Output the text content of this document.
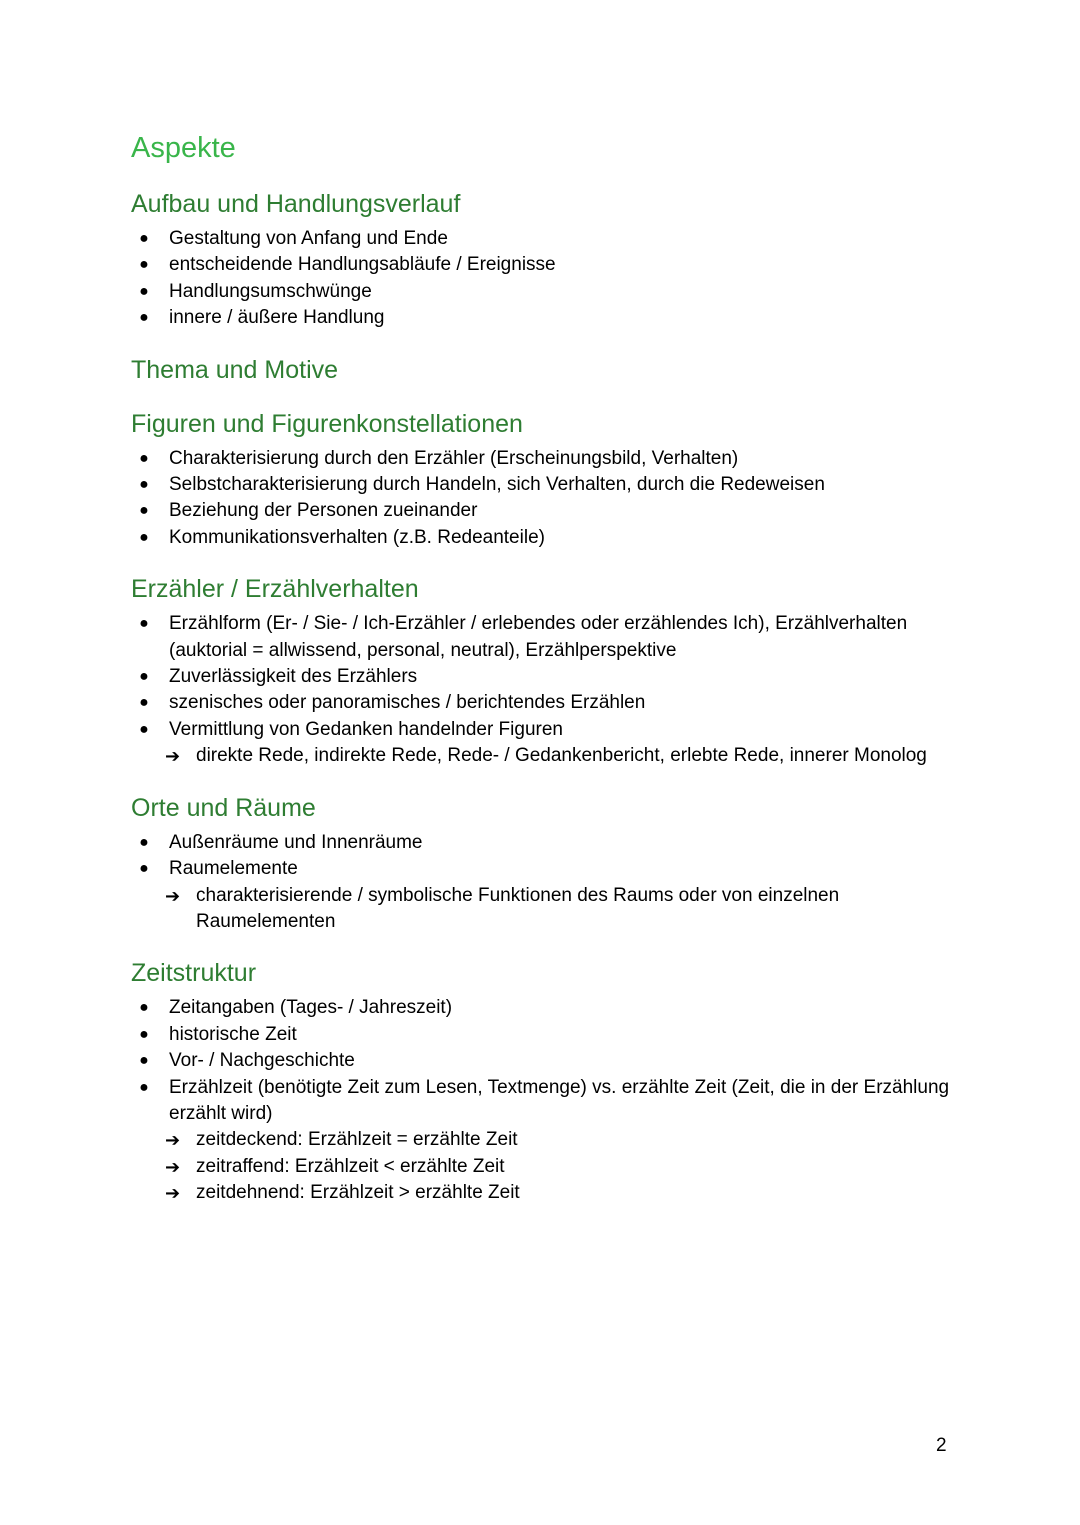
Aspekte
Aufbau und Handlungsverlauf
● Gestaltung von Anfang und Ende
● entscheidende Handlungsabläufe / Ereignisse
● Handlungsumschwünge
● innere / äußere Handlung
Thema und Motive
Figuren und Figurenkonstellationen
● Charakterisierung durch den Erzähler (Erscheinungsbild, Verhalten)
● Selbstcharakterisierung durch Handeln, sich Verhalten, durch die Redeweisen
● Beziehung der Personen zueinander
● Kommunikationsverhalten (z.B. Redeanteile)
Erzähler / Erzählverhalten
● Erzählform (Er- / Sie- / Ich-Erzähler / erlebendes oder erzählendes Ich), Erzählverhalten (auktorial = allwissend, personal, neutral), Erzählperspektive
● Zuverlässigkeit des Erzählers
● szenisches oder panoramisches / berichtendes Erzählen
● Vermittlung von Gedanken handelnder Figuren
➔ direkte Rede, indirekte Rede, Rede- / Gedankenbericht, erlebte Rede, innerer Monolog
Orte und Räume
● Außenräume und Innenräume
● Raumelemente
➔ charakterisierende / symbolische Funktionen des Raums oder von einzelnen Raumelementen
Zeitstruktur
● Zeitangaben (Tages- / Jahreszeit)
● historische Zeit
● Vor- / Nachgeschichte
● Erzählzeit (benötigte Zeit zum Lesen, Textmenge) vs. erzählte Zeit (Zeit, die in der Erzählung erzählt wird)
➔ zeitdeckend: Erzählzeit = erzählte Zeit
➔ zeitraffend: Erzählzeit < erzählte Zeit
➔ zeitdehnend: Erzählzeit > erzählte Zeit
2
